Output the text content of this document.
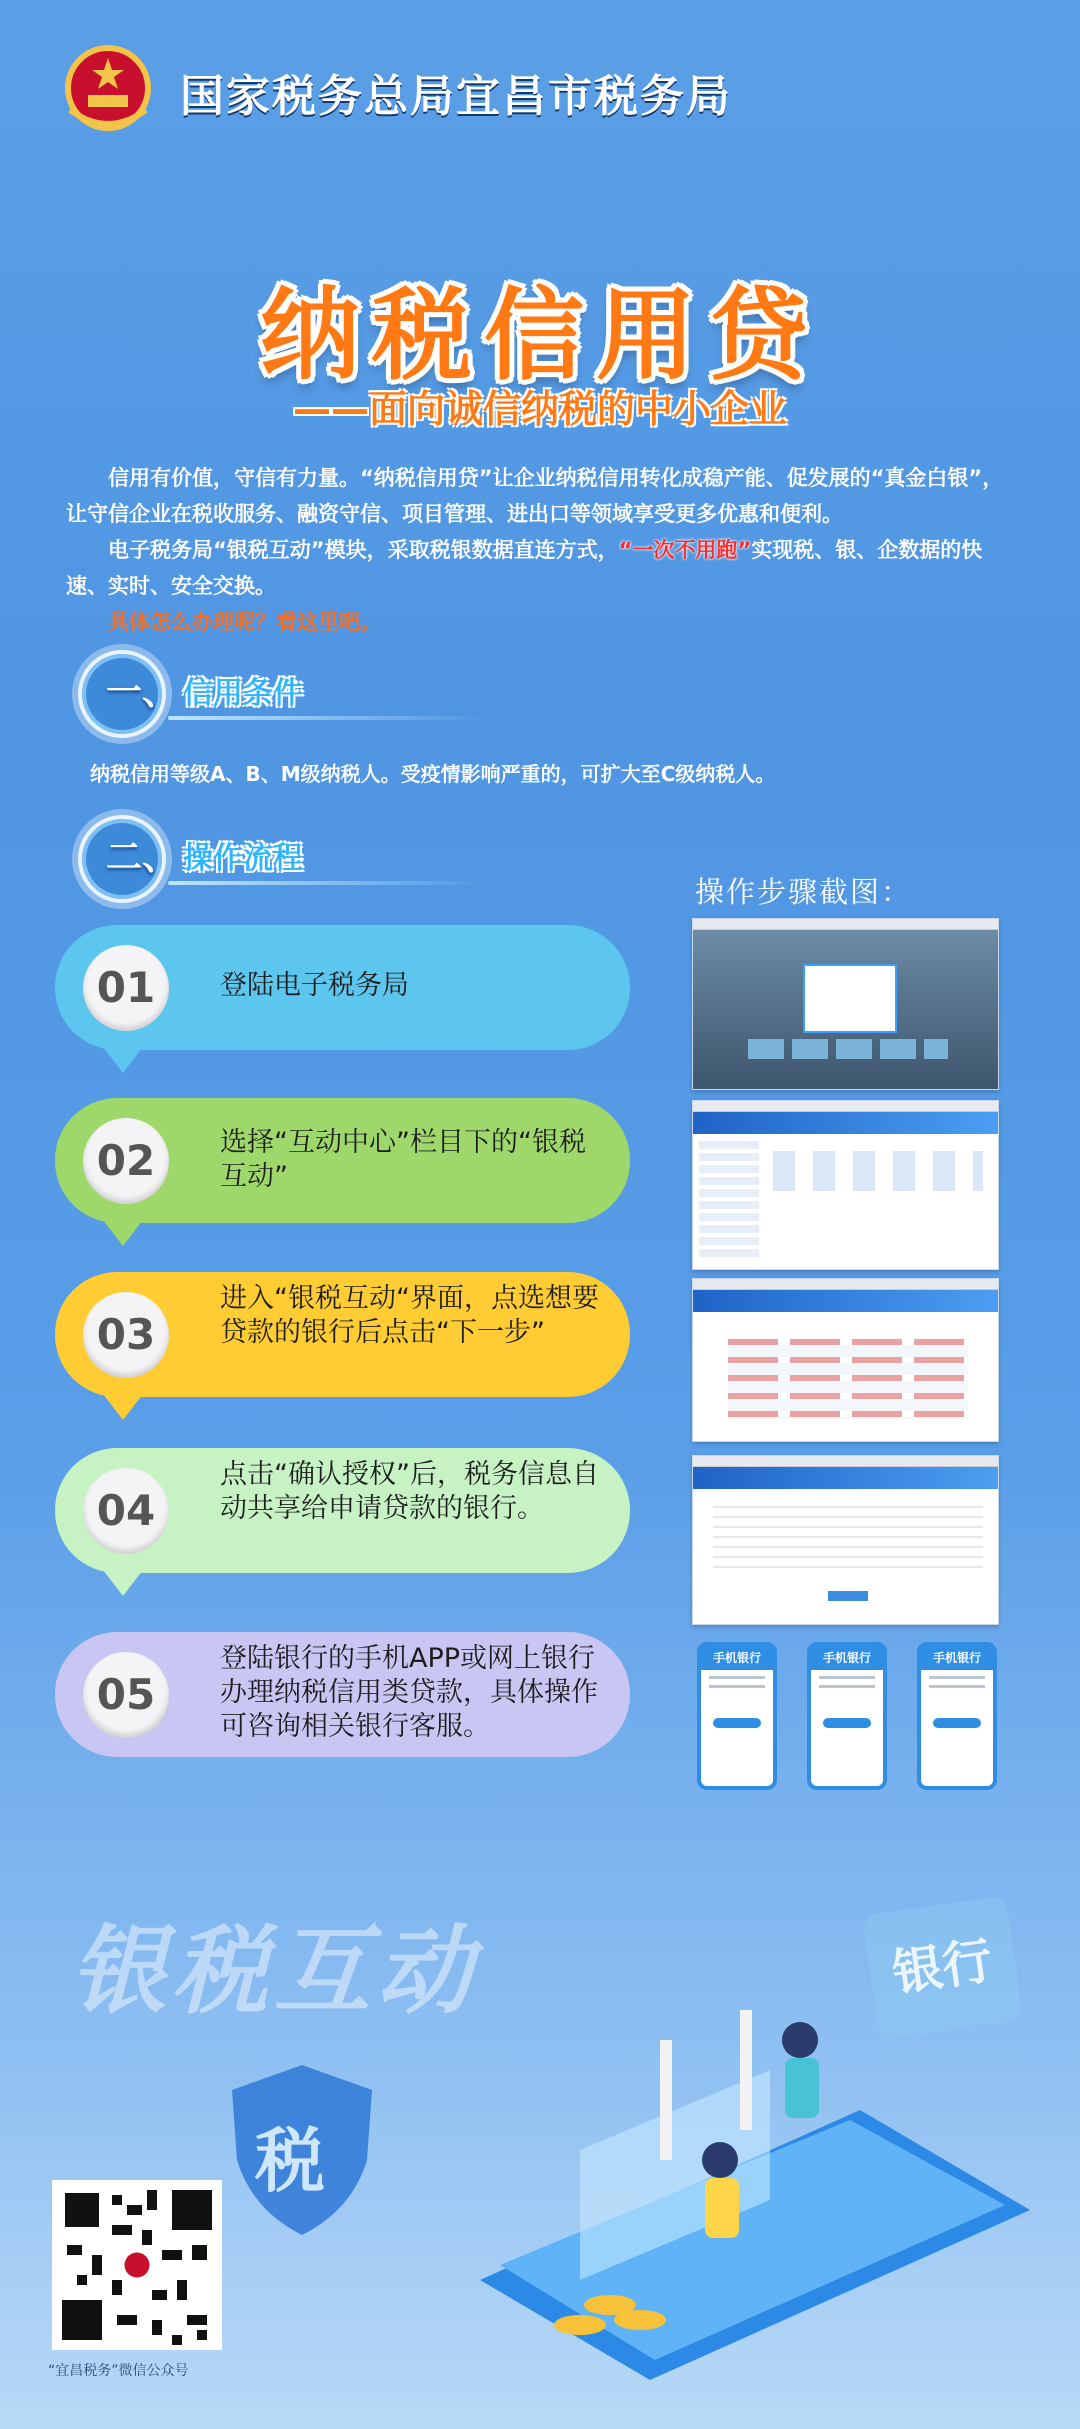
国家税务总局宜昌市税务局
纳税信用贷
——面向诚信纳税的中小企业
信用有价值，守信有力量。“纳税信用贷”让企业纳税信用转化成稳产能、促发展的“真金白银”，让守信企业在税收服务、融资守信、项目管理、进出口等领域享受更多优惠和便利。
电子税务局“银税互动”模块，采取税银数据直连方式，“一次不用跑”实现税、银、企数据的快速、实时、安全交换。
具体怎么办理呢？看这里吧。
一、 信用条件
纳税信用等级A、B、M级纳税人。受疫情影响严重的，可扩大至C级纳税人。
二、 操作流程
操作步骤截图：
01	登陆电子税务局
02	选择“互动中心”栏目下的“银税互动”
03
进入“银税互动“界面，点选想要贷款的银行后点击“下一步”
04
点击“确认授权”后，税务信息自动共享给申请贷款的银行。
05
登陆银行的手机APP或网上银行办理纳税信用类贷款，具体操作可咨询相关银行客服。
手机银行	手机银行	手机银行
银税互动	银行
税
“宜昌税务”微信公众号
